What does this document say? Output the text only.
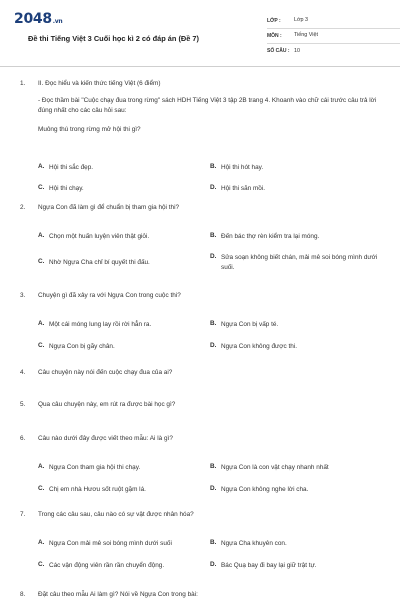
2048.vn
Đề thi Tiếng Việt 3 Cuối học kì 2 có đáp án (Đề 7)
LỚP :	Lớp 3
MÔN :	Tiếng Việt
SỐ CÂU : 10
1.	II. Đọc hiểu và kiến thức tiếng Việt (6 điểm)
- Đọc thầm bài "Cuộc chạy đua trong rừng" sách HDH Tiếng Việt 3 tập 2B trang 4. Khoanh vào chữ cái trước câu trả lời đúng nhất cho các câu hỏi sau:
Muông thú trong rừng mở hội thi gì?
A. Hội thi sắc đẹp.	B. Hội thi hót hay.
C. Hội thi chạy.	D. Hội thi săn mồi.
2.	Ngựa Con đã làm gì để chuẩn bị tham gia hội thi?
A. Chọn một huấn luyện viên thật giỏi.	B. Đến bác thợ rèn kiểm tra lại móng.
C. Nhờ Ngựa Cha chỉ bí quyết thi đấu.
D. Sửa soạn không biết chán, mải mê soi bóng mình dưới suối.
3.	Chuyện gì đã xảy ra với Ngựa Con trong cuộc thi?
A. Một cái móng lung lay rồi rời hẳn ra.	B. Ngựa Con bị vấp té.
C. Ngựa Con bị gãy chân.	D. Ngựa Con không được thi.
4.	Câu chuyện này nói đến cuộc chạy đua của ai?
5.	Qua câu chuyện này, em rút ra được bài học gì?
6.	Câu nào dưới đây được viết theo mẫu: Ai là gì?
A. Ngựa Con tham gia hội thi chạy.	B. Ngựa Con là con vật chạy nhanh nhất
C. Chị em nhà Hươu sốt ruột gặm lá.	D. Ngựa Con không nghe lời cha.
7.	Trong các câu sau, câu nào có sự vật được nhân hóa?
A. Ngựa Con mải mê soi bóng mình dưới suối	B. Ngựa Cha khuyên con.
C. Các vận động viên rần rần chuyển động.	D. Bác Quạ bay đi bay lại giữ trật tự.
8.	Đặt câu theo mẫu Ai làm gì? Nói về Ngựa Con trong bài:
